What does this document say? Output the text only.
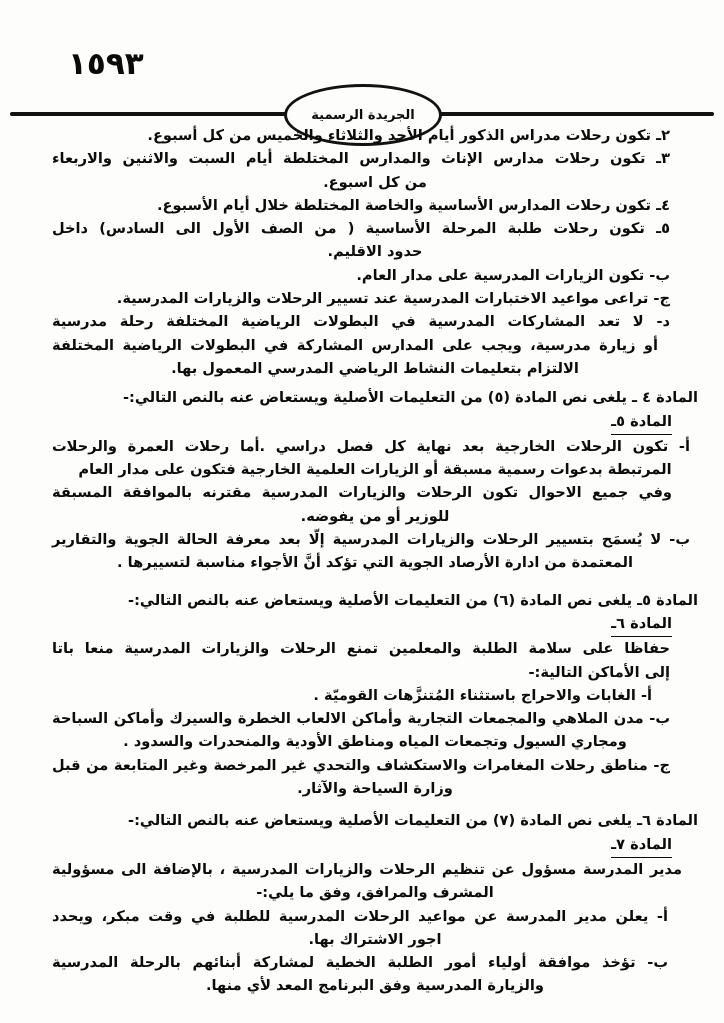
١٥٩٣
الجريدة الرسمية
٢ـ تكون رحلات مدراس الذكور أيام الأحد والثلاثاء والخميس من كل أسبوع.
٣ـ تكون رحلات مدارس الإناث والمدارس المختلطة أيام السبت والاثنين والاربعاء
من كل اسبوع.
٤ـ تكون رحلات المدارس الأساسية والخاصة المختلطة خلال أيام الأسبوع.
٥ـ تكون رحلات طلبة المرحلة الأساسية ( من الصف الأول الى السادس) داخل
حدود الاقليم.
ب- تكون الزيارات المدرسية على مدار العام.
ج- تراعى مواعيد الاختبارات المدرسية عند تسيير الرحلات والزيارات المدرسية.
د- لا تعد المشاركات المدرسية في البطولات الرياضية المختلفة رحلة مدرسية
أو زيارة مدرسية، ويجب على المدارس المشاركة في البطولات الرياضية المختلفة
الالتزام بتعليمات النشاط الرياضي المدرسي المعمول بها.
المادة ٤ ـ يلغى نص المادة (٥) من التعليمات الأصلية ويستعاض عنه بالنص التالي:-
المادة ٥ـ
أ- تكون الرحلات الخارجية بعد نهاية كل فصل دراسي .أما رحلات العمرة والرحلات
المرتبطة بدعوات رسمية مسبقة أو الزيارات العلمية الخارجية فتكون على مدار العام
وفي جميع الاحوال تكون الرحلات والزيارات المدرسية مقترنه بالموافقة المسبقة
للوزير أو من يفوضه.
ب- لا يُسمَح بتسيير الرحلات والزيارات المدرسية إلّا بعد معرفة الحالة الجوية والتقارير
المعتمدة من ادارة الأرصاد الجوية التي تؤكد أنَّ الأجواء مناسبة لتسييرها .
المادة ٥ـ يلغى نص المادة (٦) من التعليمات الأصلية ويستعاض عنه بالنص التالي:-
المادة ٦ـ
حفاظا على سلامة الطلبة والمعلمين تمنع الرحلات والزيارات المدرسية منعا باتا
إلى الأماكن التالية:-
أ- الغابات والاحراج باستثناء المُتنزَّهات القوميّة .
ب- مدن الملاهي والمجمعات التجارية وأماكن الالعاب الخطرة والسيرك وأماكن السباحة
ومجاري السيول وتجمعات المياه ومناطق الأودية والمنحدرات والسدود .
ج- مناطق رحلات المغامرات والاستكشاف والتحدي غير المرخصة وغير المتابعة من قبل
وزارة السياحة والآثار.
المادة ٦ـ يلغى نص المادة (٧) من التعليمات الأصلية ويستعاض عنه بالنص التالي:-
المادة ٧ـ
مدير المدرسة مسؤول عن تنظيم الرحلات والزيارات المدرسية ، بالإضافة الى مسؤولية
المشرف والمرافق، وفق ما يلي:-
أ- يعلن مدير المدرسة عن مواعيد الرحلات المدرسية للطلبة في وقت مبكر، ويحدد
اجور الاشتراك بها.
ب- تؤخذ موافقة أولياء أمور الطلبة الخطية لمشاركة أبنائهم بالرحلة المدرسية
والزيارة المدرسية وفق البرنامج المعد لأي منها.
